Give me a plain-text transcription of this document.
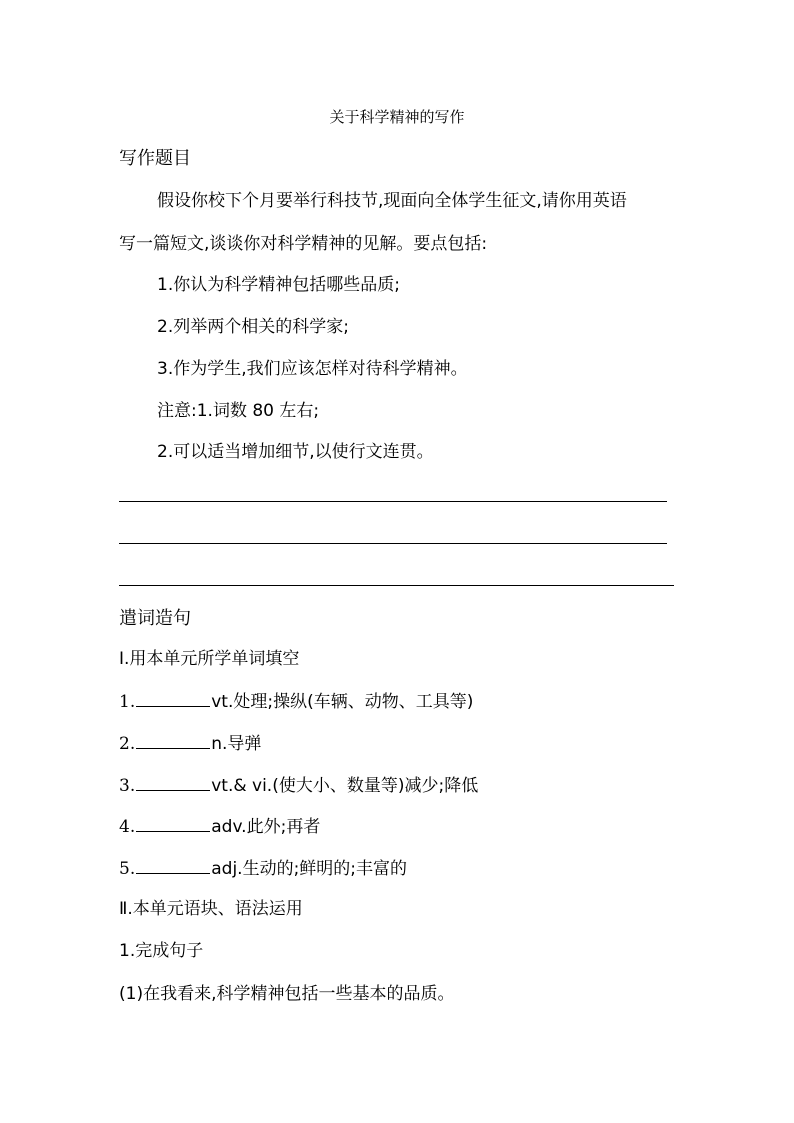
关于科学精神的写作
写作题目
假设你校下个月要举行科技节,现面向全体学生征文,请你用英语
写一篇短文,谈谈你对科学精神的见解。要点包括:
1.你认为科学精神包括哪些品质;
2.列举两个相关的科学家;
3.作为学生,我们应该怎样对待科学精神。
注意:1.词数 80 左右;
2.可以适当增加细节,以使行文连贯。
遣词造句
Ⅰ.用本单元所学单词填空
1.	vt.处理;操纵(车辆、动物、工具等)
2.	n.导弹
3.	vt.& vi.(使大小、数量等)减少;降低
4.	adv.此外;再者
5.	adj.生动的;鲜明的;丰富的
Ⅱ.本单元语块、语法运用
1.完成句子
(1)在我看来,科学精神包括一些基本的品质。
